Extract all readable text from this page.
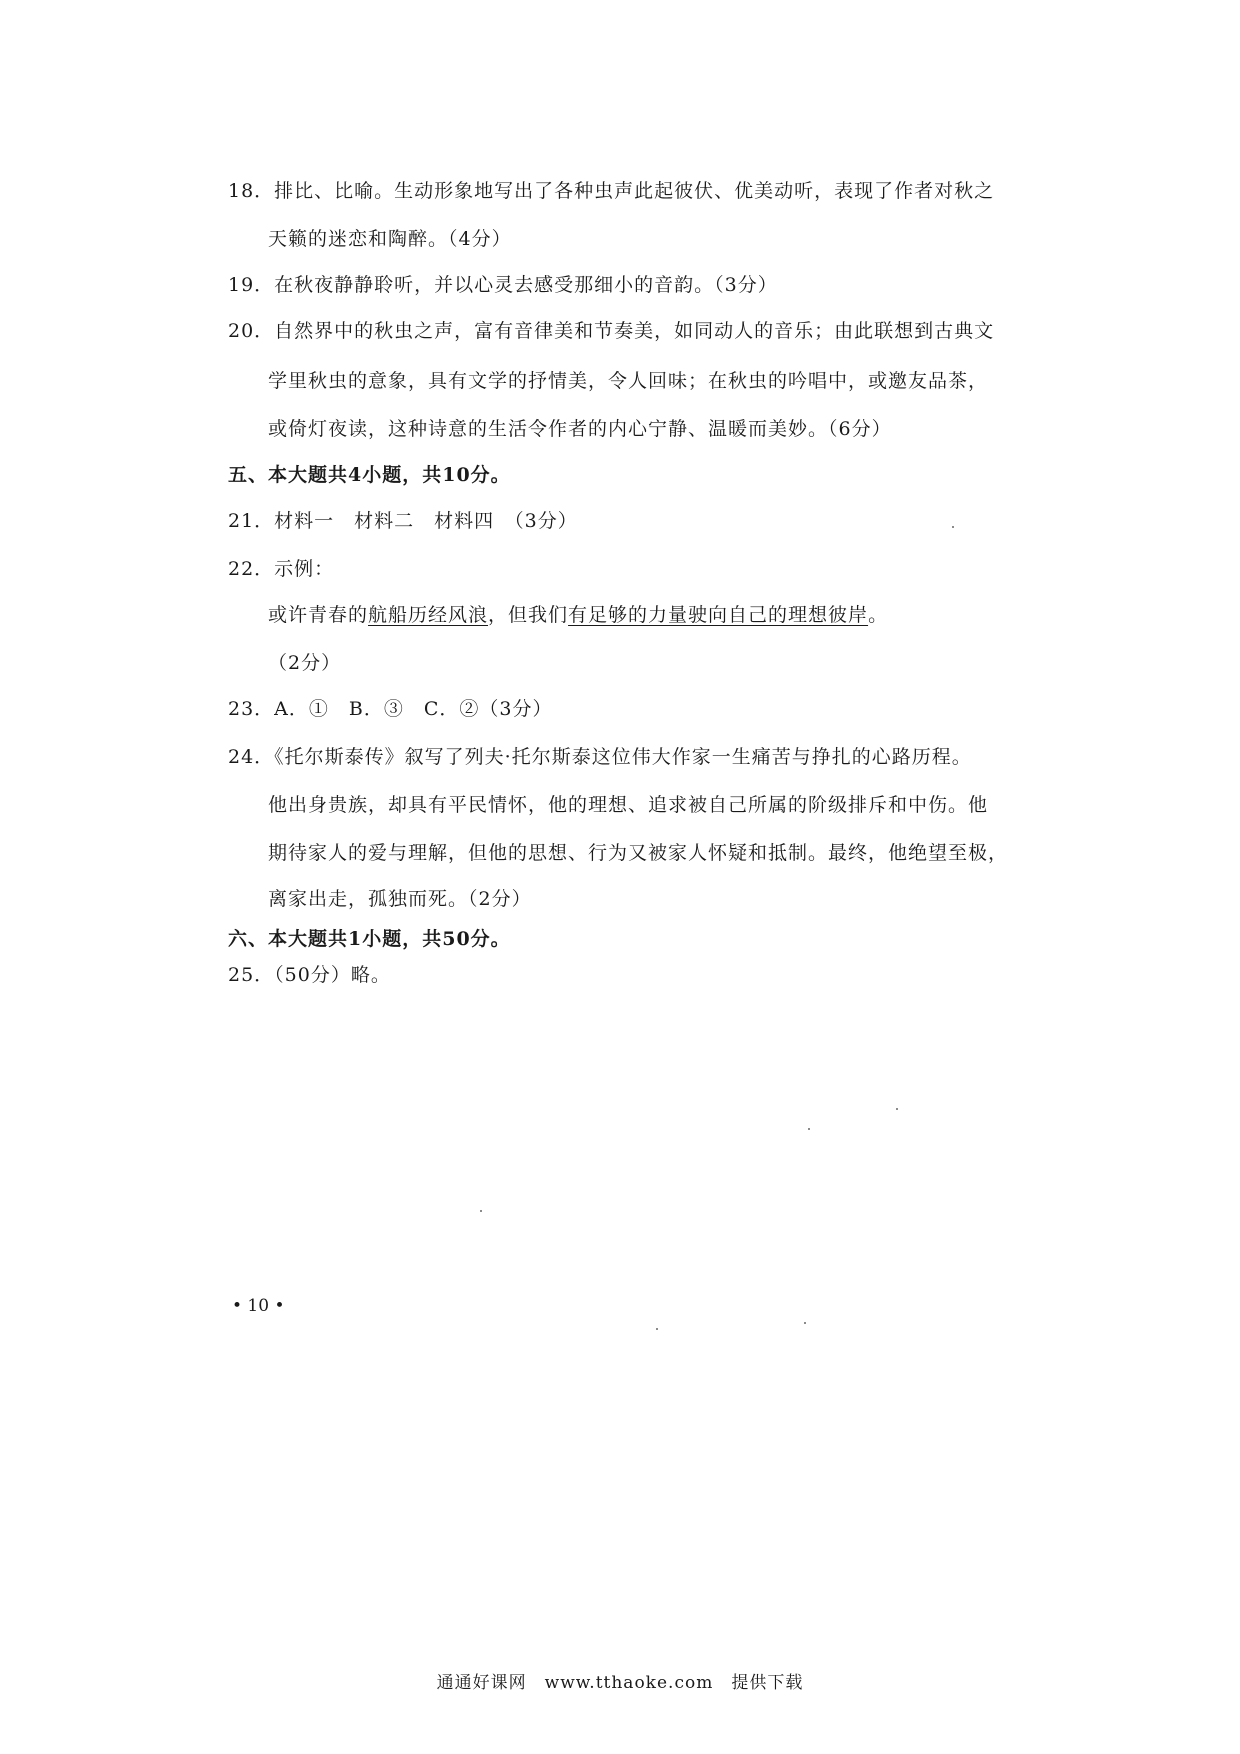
18．排比、比喻。生动形象地写出了各种虫声此起彼伏、优美动听，表现了作者对秋之
天籁的迷恋和陶醉。（4分）
19．在秋夜静静聆听，并以心灵去感受那细小的音韵。（3分）
20．自然界中的秋虫之声，富有音律美和节奏美，如同动人的音乐；由此联想到古典文
学里秋虫的意象，具有文学的抒情美，令人回味；在秋虫的吟唱中，或邀友品茶，
或倚灯夜读，这种诗意的生活令作者的内心宁静、温暖而美妙。（6分）
五、本大题共4小题，共10分。
21．材料一　材料二　材料四　（3分）
22．示例：
或许青春的航船历经风浪，但我们有足够的力量驶向自己的理想彼岸。
（2分）
23．A．①　B．③　C．②（3分）
24．《托尔斯泰传》叙写了列夫·托尔斯泰这位伟大作家一生痛苦与挣扎的心路历程。
他出身贵族，却具有平民情怀，他的理想、追求被自己所属的阶级排斥和中伤。他
期待家人的爱与理解，但他的思想、行为又被家人怀疑和抵制。最终，他绝望至极，
离家出走，孤独而死。（2分）
六、本大题共1小题，共50分。
25．（50分）略。
• 10 •
通通好课网　www.tthaoke.com　提供下载
